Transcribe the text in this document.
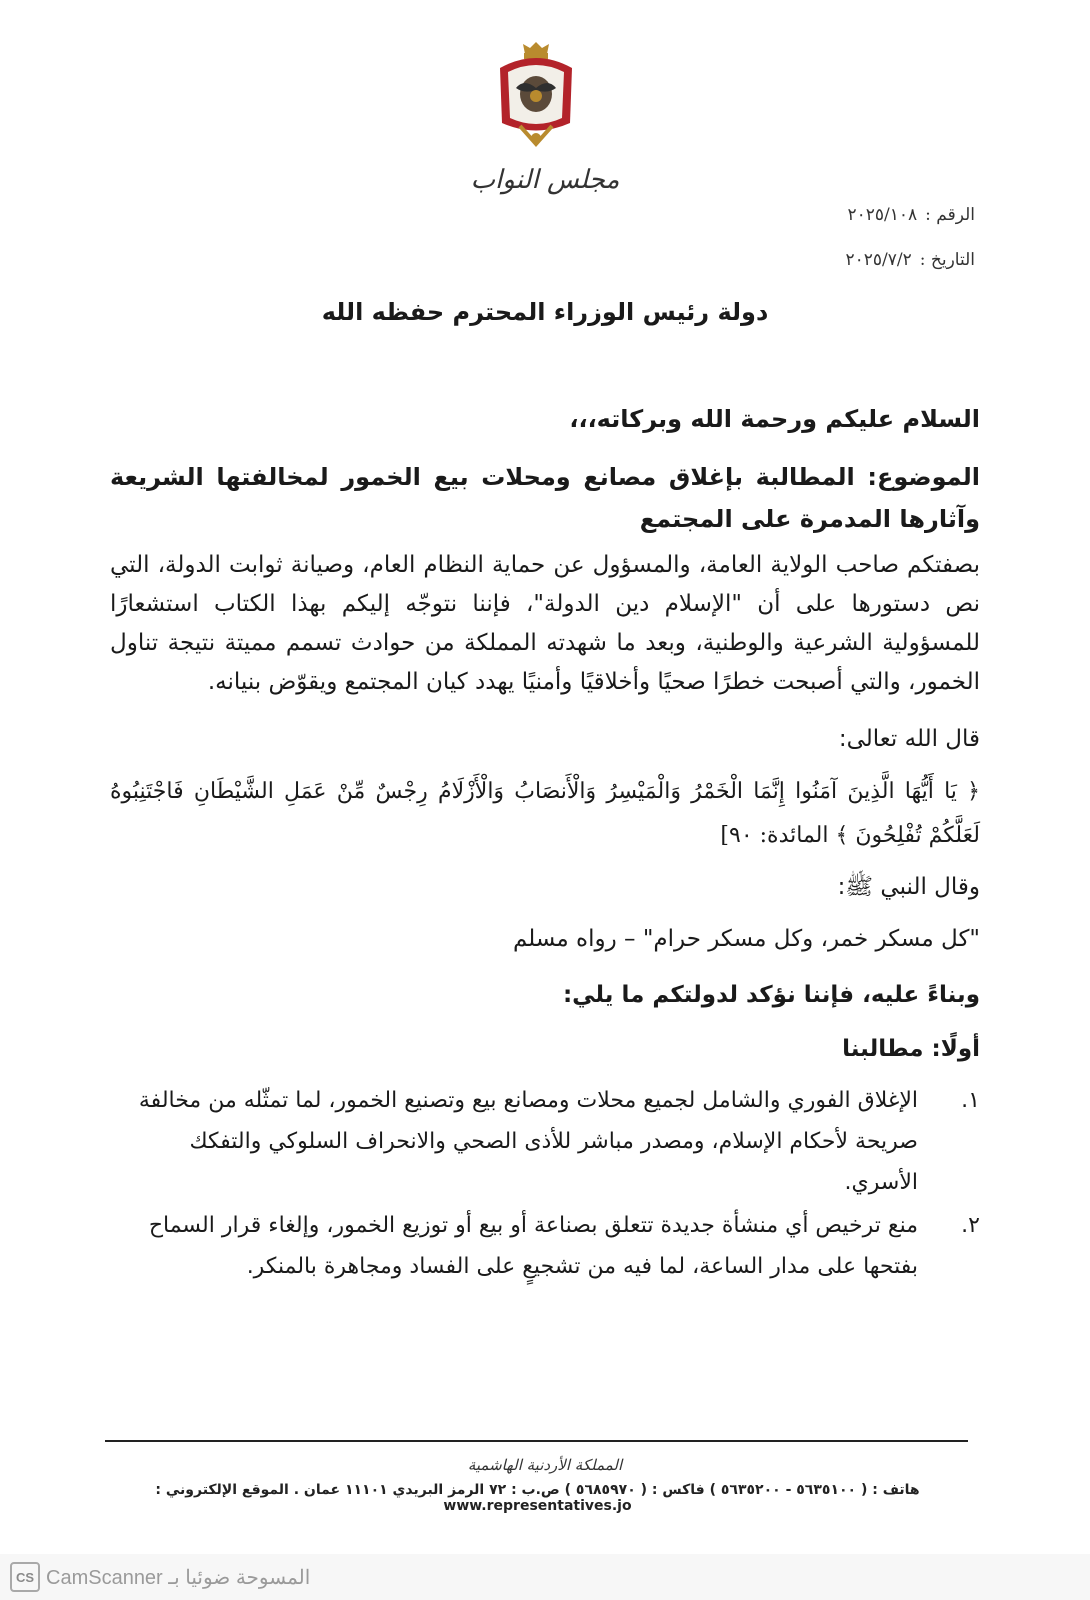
مجلس النواب
الرقم :٢٠٢٥/١٠٨
التاريخ :٢٠٢٥/٧/٢
دولة رئيس الوزراء المحترم حفظه الله
السلام عليكم ورحمة الله وبركاته،،،
الموضوع: المطالبة بإغلاق مصانع ومحلات بيع الخمور لمخالفتها الشريعة وآثارها المدمرة على المجتمع
بصفتكم صاحب الولاية العامة، والمسؤول عن حماية النظام العام، وصيانة ثوابت الدولة، التي نص دستورها على أن "الإسلام دين الدولة"، فإننا نتوجّه إليكم بهذا الكتاب استشعارًا للمسؤولية الشرعية والوطنية، وبعد ما شهدته المملكة من حوادث تسمم مميتة نتيجة تناول الخمور، والتي أصبحت خطرًا صحيًا وأخلاقيًا وأمنيًا يهدد كيان المجتمع ويقوّض بنيانه.
قال الله تعالى:
﴿ يَا أَيُّهَا الَّذِينَ آمَنُوا إِنَّمَا الْخَمْرُ وَالْمَيْسِرُ وَالْأَنصَابُ وَالْأَزْلَامُ رِجْسٌ مِّنْ عَمَلِ الشَّيْطَانِ فَاجْتَنِبُوهُ لَعَلَّكُمْ تُفْلِحُونَ ﴾ المائدة: ٩٠]
وقال النبي ﷺ:
"كل مسكر خمر، وكل مسكر حرام" – رواه مسلم
وبناءً عليه، فإننا نؤكد لدولتكم ما يلي:
أولًا: مطالبنا
١.
الإغلاق الفوري والشامل لجميع محلات ومصانع بيع وتصنيع الخمور، لما تمثّله من مخالفة صريحة لأحكام الإسلام، ومصدر مباشر للأذى الصحي والانحراف السلوكي والتفكك الأسري.
٢.
منع ترخيص أي منشأة جديدة تتعلق بصناعة أو بيع أو توزيع الخمور، وإلغاء قرار السماح بفتحها على مدار الساعة، لما فيه من تشجيعٍ على الفساد ومجاهرة بالمنكر.
المملكة الأردنية الهاشمية
هاتف : ( ٥٦٣٥١٠٠ - ٥٦٣٥٢٠٠ ) فاكس : ( ٥٦٨٥٩٧٠ ) ص.ب : ٧٢ الرمز البريدي ١١١٠١ عمان . الموقع الإلكتروني : www.representatives.jo
CS CamScanner المسوحة ضوئيا بـ
